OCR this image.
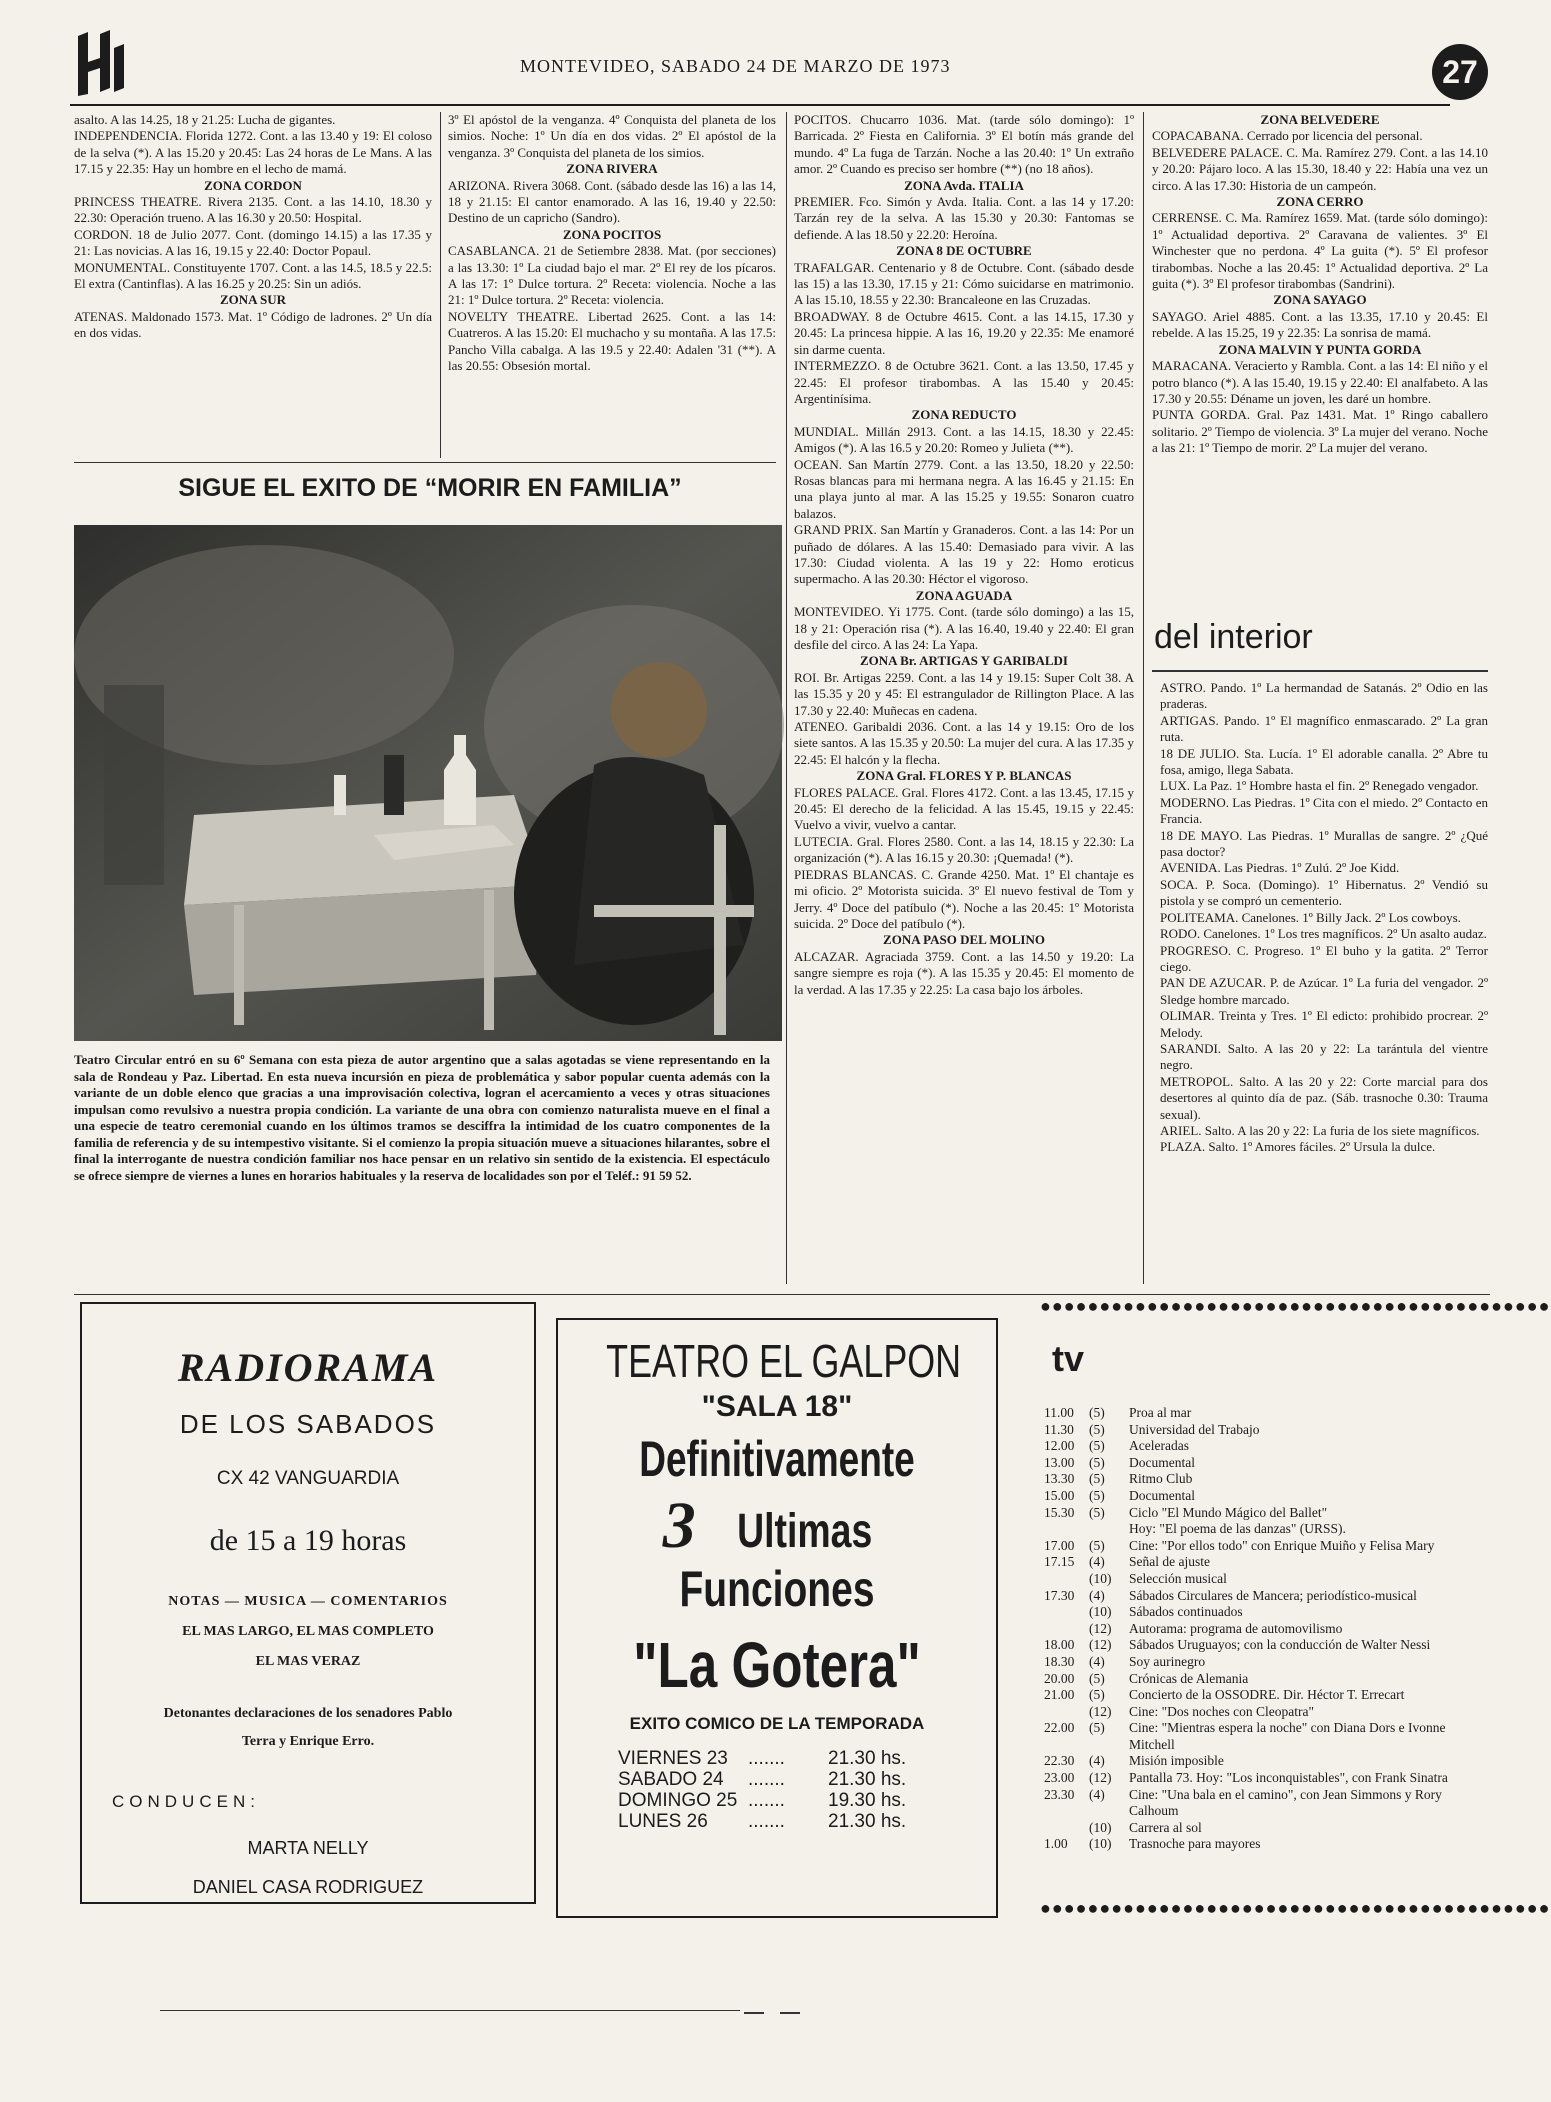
MONTEVIDEO, SABADO 24 DE MARZO DE 1973	27
asalto. A las 14.25, 18 y 21.25: Lucha de gigantes.
INDEPENDENCIA. Florida 1272. Cont. a las 13.40 y 19: El coloso de la selva (*). A las 15.20 y 20.45: Las 24 horas de Le Mans. A las 17.15 y 22.35: Hay un hombre en el lecho de mamá.
ZONA CORDON
PRINCESS THEATRE. Rivera 2135. Cont. a las 14.10, 18.30 y 22.30: Operación trueno. A las 16.30 y 20.50: Hospital.
CORDON. 18 de Julio 2077. Cont. (domingo 14.15) a las 17.35 y 21: Las novicias. A las 16, 19.15 y 22.40: Doctor Popaul.
MONUMENTAL. Constituyente 1707. Cont. a las 14.5, 18.5 y 22.5: El extra (Cantinflas). A las 16.25 y 20.25: Sin un adiós.
ZONA SUR
ATENAS. Maldonado 1573. Mat. 1º Código de ladrones. 2º Un día en dos vidas.
3º El apóstol de la venganza. 4º Conquista del planeta de los simios. Noche: 1º Un día en dos vidas. 2º El apóstol de la venganza. 3º Conquista del planeta de los simios.
ZONA RIVERA
ARIZONA. Rivera 3068. Cont. (sábado desde las 16) a las 14, 18 y 21.15: El cantor enamorado. A las 16, 19.40 y 22.50: Destino de un capricho (Sandro).
ZONA POCITOS
CASABLANCA. 21 de Setiembre 2838. Mat. (por secciones) a las 13.30: 1º La ciudad bajo el mar. 2º El rey de los pícaros. A las 17: 1º Dulce tortura. 2º Receta: violencia. Noche a las 21: 1º Dulce tortura. 2º Receta: violencia.
NOVELTY THEATRE. Libertad 2625. Cont. a las 14: Cuatreros. A las 15.20: El muchacho y su montaña. A las 17.5: Pancho Villa cabalga. A las 19.5 y 22.40: Adalen '31 (**). A las 20.55: Obsesión mortal.
POCITOS. Chucarro 1036. Mat. (tarde sólo domingo): 1º Barricada. 2º Fiesta en California. 3º El botín más grande del mundo. 4º La fuga de Tarzán. Noche a las 20.40: 1º Un extraño amor. 2º Cuando es preciso ser hombre (**) (no 18 años).
ZONA Avda. ITALIA
PREMIER. Fco. Simón y Avda. Italia. Cont. a las 14 y 17.20: Tarzán rey de la selva. A las 15.30 y 20.30: Fantomas se defiende. A las 18.50 y 22.20: Heroína.
ZONA 8 DE OCTUBRE
TRAFALGAR. Centenario y 8 de Octubre. Cont. (sábado desde las 15) a las 13.30, 17.15 y 21: Cómo suicidarse en matrimonio. A las 15.10, 18.55 y 22.30: Brancaleone en las Cruzadas.
BROADWAY. 8 de Octubre 4615. Cont. a las 14.15, 17.30 y 20.45: La princesa hippie. A las 16, 19.20 y 22.35: Me enamoré sin darme cuenta.
INTERMEZZO. 8 de Octubre 3621. Cont. a las 13.50, 17.45 y 22.45: El profesor tirabombas. A las 15.40 y 20.45: Argentinísima.
ZONA REDUCTO
MUNDIAL. Millán 2913. Cont. a las 14.15, 18.30 y 22.45: Amigos (*). A las 16.5 y 20.20: Romeo y Julieta (**).
OCEAN. San Martín 2779. Cont. a las 13.50, 18.20 y 22.50: Rosas blancas para mi hermana negra. A las 16.45 y 21.15: En una playa junto al mar. A las 15.25 y 19.55: Sonaron cuatro balazos.
GRAND PRIX. San Martín y Granaderos. Cont. a las 14: Por un puñado de dólares. A las 15.40: Demasiado para vivir. A las 17.30: Ciudad violenta. A las 19 y 22: Homo eroticus supermacho. A las 20.30: Héctor el vigoroso.
ZONA AGUADA
MONTEVIDEO. Yi 1775. Cont. (tarde sólo domingo) a las 15, 18 y 21: Operación risa (*). A las 16.40, 19.40 y 22.40: El gran desfile del circo. A las 24: La Yapa.
ZONA Br. ARTIGAS Y GARIBALDI
ROI. Br. Artigas 2259. Cont. a las 14 y 19.15: Super Colt 38. A las 15.35 y 20 y 45: El estrangulador de Rillington Place. A las 17.30 y 22.40: Muñecas en cadena.
ATENEO. Garibaldi 2036. Cont. a las 14 y 19.15: Oro de los siete santos. A las 15.35 y 20.50: La mujer del cura. A las 17.35 y 22.45: El halcón y la flecha.
ZONA Gral. FLORES Y P. BLANCAS
FLORES PALACE. Gral. Flores 4172. Cont. a las 13.45, 17.15 y 20.45: El derecho de la felicidad. A las 15.45, 19.15 y 22.45: Vuelvo a vivir, vuelvo a cantar.
LUTECIA. Gral. Flores 2580. Cont. a las 14, 18.15 y 22.30: La organización (*). A las 16.15 y 20.30: ¡Quemada! (*).
PIEDRAS BLANCAS. C. Grande 4250. Mat. 1º El chantaje es mi oficio. 2º Motorista suicida. 3º El nuevo festival de Tom y Jerry. 4º Doce del patíbulo (*). Noche a las 20.45: 1º Motorista suicida. 2º Doce del patíbulo (*).
ZONA PASO DEL MOLINO
ALCAZAR. Agraciada 3759. Cont. a las 14.50 y 19.20: La sangre siempre es roja (*). A las 15.35 y 20.45: El momento de la verdad. A las 17.35 y 22.25: La casa bajo los árboles.
ZONA BELVEDERE
COPACABANA. Cerrado por licencia del personal.
BELVEDERE PALACE. C. Ma. Ramírez 279. Cont. a las 14.10 y 20.20: Pájaro loco. A las 15.30, 18.40 y 22: Había una vez un circo. A las 17.30: Historia de un campeón.
ZONA CERRO
CERRENSE. C. Ma. Ramírez 1659. Mat. (tarde sólo domingo): 1º Actualidad deportiva. 2º Caravana de valientes. 3º El Winchester que no perdona. 4º La guita (*). 5º El profesor tirabombas. Noche a las 20.45: 1º Actualidad deportiva. 2º La guita (*). 3º El profesor tirabombas (Sandrini).
ZONA SAYAGO
SAYAGO. Ariel 4885. Cont. a las 13.35, 17.10 y 20.45: El rebelde. A las 15.25, 19 y 22.35: La sonrisa de mamá.
ZONA MALVIN Y PUNTA GORDA
MARACANA. Veracierto y Rambla. Cont. a las 14: El niño y el potro blanco (*). A las 15.40, 19.15 y 22.40: El analfabeto. A las 17.30 y 20.55: Déname un joven, les daré un hombre.
PUNTA GORDA. Gral. Paz 1431. Mat. 1º Ringo caballero solitario. 2º Tiempo de violencia. 3º La mujer del verano. Noche a las 21: 1º Tiempo de morir. 2º La mujer del verano.
del interior
ASTRO. Pando. 1º La hermandad de Satanás. 2º Odio en las praderas.
ARTIGAS. Pando. 1º El magnífico enmascarado. 2º La gran ruta.
18 DE JULIO. Sta. Lucía. 1º El adorable canalla. 2º Abre tu fosa, amigo, llega Sabata.
LUX. La Paz. 1º Hombre hasta el fin. 2º Renegado vengador.
MODERNO. Las Piedras. 1º Cita con el miedo. 2º Contacto en Francia.
18 DE MAYO. Las Piedras. 1º Murallas de sangre. 2º ¿Qué pasa doctor?
AVENIDA. Las Piedras. 1º Zulú. 2º Joe Kidd.
SOCA. P. Soca. (Domingo). 1º Hibernatus. 2º Vendió su pistola y se compró un cementerio.
POLITEAMA. Canelones. 1º Billy Jack. 2º Los cowboys.
RODO. Canelones. 1º Los tres magníficos. 2º Un asalto audaz.
PROGRESO. C. Progreso. 1º El buho y la gatita. 2º Terror ciego.
PAN DE AZUCAR. P. de Azúcar. 1º La furia del vengador. 2º Sledge hombre marcado.
OLIMAR. Treinta y Tres. 1º El edicto: prohibido procrear. 2º Melody.
SARANDI. Salto. A las 20 y 22: La tarántula del vientre negro.
METROPOL. Salto. A las 20 y 22: Corte marcial para dos desertores al quinto día de paz. (Sáb. trasnoche 0.30: Trauma sexual).
ARIEL. Salto. A las 20 y 22: La furia de los siete magníficos.
PLAZA. Salto. 1º Amores fáciles. 2º Ursula la dulce.
SIGUE EL EXITO DE “MORIR EN FAMILIA”
Teatro Circular entró en su 6º Semana con esta pieza de autor argentino que a salas agotadas se viene representando en la sala de Rondeau y Paz. Libertad. En esta nueva incursión en pieza de problemática y sabor popular cuenta además con la variante de un doble elenco que gracias a una improvisación colectiva, logran el acercamiento a veces y otras situaciones impulsan como revulsivo a nuestra propia condición. La variante de una obra con comienzo naturalista mueve en el final a una especie de teatro ceremonial cuando en los últimos tramos se desciffra la intimidad de los cuatro componentes de la familia de referencia y de su intempestivo visitante. Si el comienzo la propia situación mueve a situaciones hilarantes, sobre el final la interrogante de nuestra condición familiar nos hace pensar en un relativo sin sentido de la existencia. El espectáculo se ofrece siempre de viernes a lunes en horarios habituales y la reserva de localidades son por el Teléf.: 91 59 52.
RADIORAMA
DE LOS SABADOS
CX 42 VANGUARDIA
de 15 a 19 horas
NOTAS — MUSICA — COMENTARIOS
EL MAS LARGO, EL MAS COMPLETO
EL MAS VERAZ
Detonantes declaraciones de los senadores Pablo Terra y Enrique Erro.
CONDUCEN:
MARTA NELLY
DANIEL CASA RODRIGUEZ
TEATRO EL GALPON
"SALA 18"
Definitivamente
3 Ultimas
Funciones
"La Gotera"
EXITO COMICO DE LA TEMPORADA
VIERNES 23	.......	21.30 hs.
SABADO 24	.......	21.30 hs.
DOMINGO 25 .......	19.30 hs.
LUNES 26	.......	21.30 hs.
●●●●●●●●●●●●●●●●●●●●●●●●●●●●●●●●●●●●●●●●●●●
tv
11.00	(5)	Proa al mar
11.30	(5)	Universidad del Trabajo
12.00	(5)	Aceleradas
13.00	(5)	Documental
13.30	(5)	Ritmo Club
15.00	(5)	Documental
15.30	(5)	Ciclo "El Mundo Mágico del Ballet"
Hoy: "El poema de las danzas" (URSS).
17.00	(5)	Cine: "Por ellos todo" con Enrique Muiño y Felisa Mary
17.15	(4)	Señal de ajuste
(10)	Selección musical
17.30	(4)	Sábados Circulares de Mancera; periodístico-musical
(10)	Sábados continuados
(12)	Autorama: programa de automovilismo
18.00	(12)	Sábados Uruguayos; con la conducción de Walter Nessi
18.30	(4)	Soy aurinegro
20.00	(5)	Crónicas de Alemania
21.00	(5)	Concierto de la OSSODRE. Dir. Héctor T. Errecart
(12)	Cine: "Dos noches con Cleopatra"
22.00	(5)	Cine: "Mientras espera la noche" con Diana Dors e Ivonne Mitchell
22.30	(4)	Misión imposible
23.00	(12)	Pantalla 73. Hoy: "Los inconquistables", con Frank Sinatra
23.30	(4)	Cine: "Una bala en el camino", con Jean Simmons y Rory Calhoum
(10)	Carrera al sol
1.00	(10)	Trasnoche para mayores
●●●●●●●●●●●●●●●●●●●●●●●●●●●●●●●●●●●●●●●●●●●
